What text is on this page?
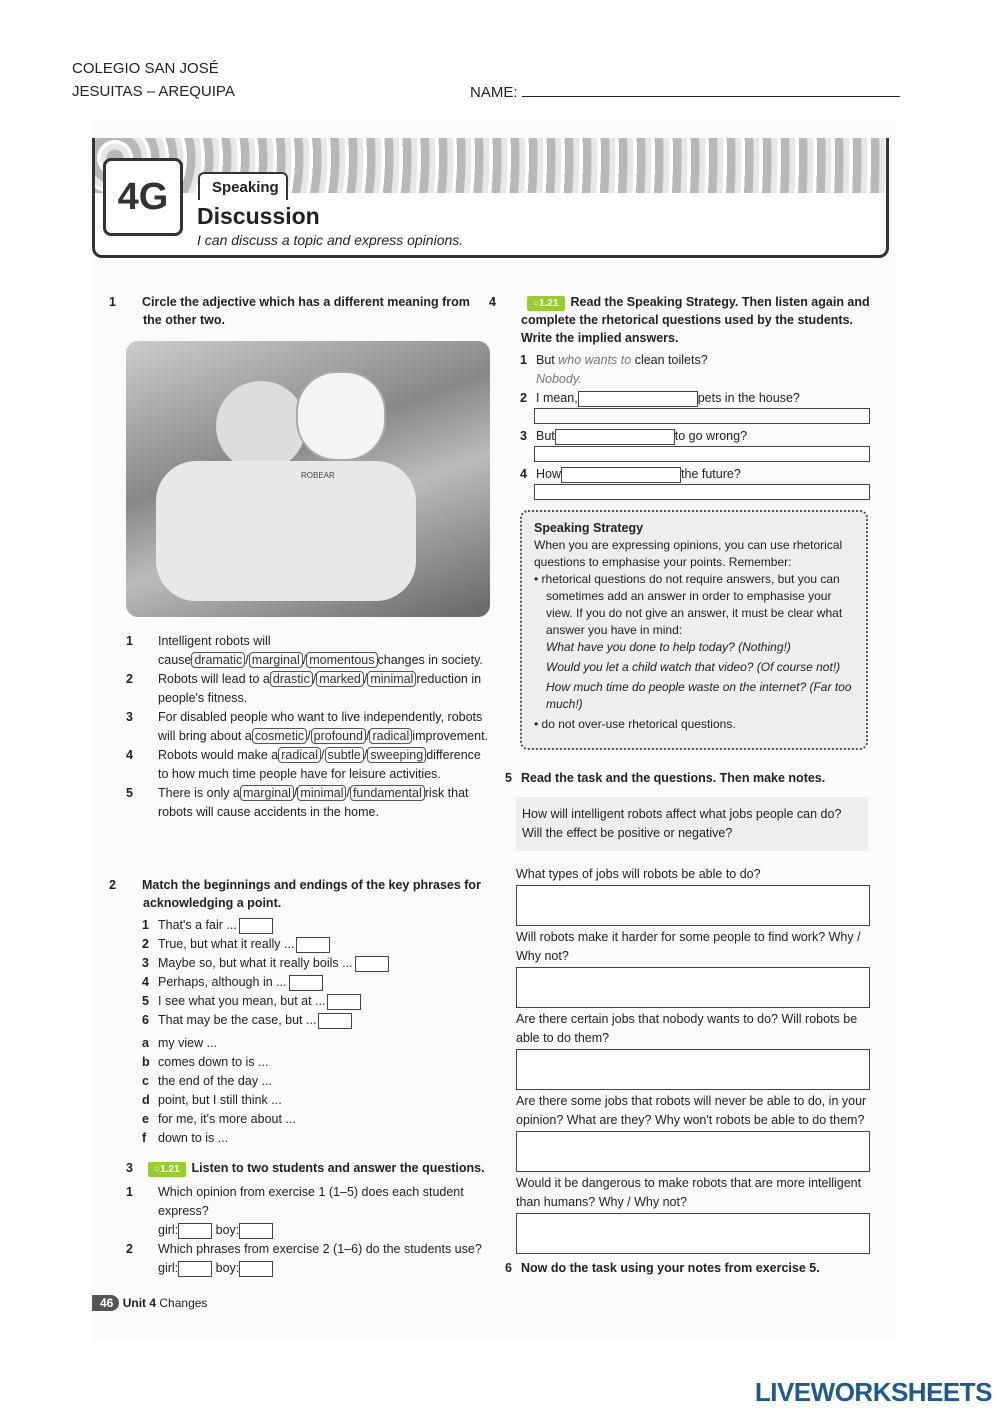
COLEGIO SAN JOSÉ
JESUITAS – AREQUIPA	NAME:
4G	Speaking
Discussion
I can discuss a topic and express opinions.
1 Circle the adjective which has a different meaning from the other two.
ROBEAR
1 Intelligent robots will cause dramatic / marginal / momentous changes in society.
2 Robots will lead to a drastic / marked / minimal reduction in people's fitness.
3 For disabled people who want to live independently, robots will bring about a cosmetic / profound / radical improvement.
4 Robots would make a radical / subtle / sweeping difference to how much time people have for leisure activities.
5 There is only a marginal / minimal / fundamental risk that robots will cause accidents in the home.
2 Match the beginnings and endings of the key phrases for acknowledging a point.
1 That's a fair ...
2 True, but what it really ...
3 Maybe so, but what it really boils ...
4 Perhaps, although in ...
5 I see what you mean, but at ...
6 That may be the case, but ...
a my view ...
b comes down to is ...
c the end of the day ...
d point, but I still think ...
e for me, it's more about ...
f down to is ...
3 ○1.21 Listen to two students and answer the questions.
1 Which opinion from exercise 1 (1–5) does each student express?
girl:	boy:
2 Which phrases from exercise 2 (1–6) do the students use?
girl:	boy:
46 Unit 4 Changes
4	○1.21 Read the Speaking Strategy. Then listen again and complete the rhetorical questions used by the students. Write the implied answers.
1 But who wants to clean toilets?
Nobody.
2 I mean,	pets in the house?
3 But	to go wrong?
4 How	the future?
Speaking Strategy
When you are expressing opinions, you can use rhetorical questions to emphasise your points. Remember:
• rhetorical questions do not require answers, but you can sometimes add an answer in order to emphasise your view. If you do not give an answer, it must be clear what answer you have in mind:
What have you done to help today? (Nothing!)
Would you let a child watch that video? (Of course not!)
How much time do people waste on the internet? (Far too much!)
• do not over-use rhetorical questions.
5 Read the task and the questions. Then make notes.
How will intelligent robots affect what jobs people can do? Will the effect be positive or negative?
What types of jobs will robots be able to do?
Will robots make it harder for some people to find work? Why / Why not?
Are there certain jobs that nobody wants to do? Will robots be able to do them?
Are there some jobs that robots will never be able to do, in your opinion? What are they? Why won't robots be able to do them?
Would it be dangerous to make robots that are more intelligent than humans? Why / Why not?
6 Now do the task using your notes from exercise 5.
LIVEWORKSHEETS
